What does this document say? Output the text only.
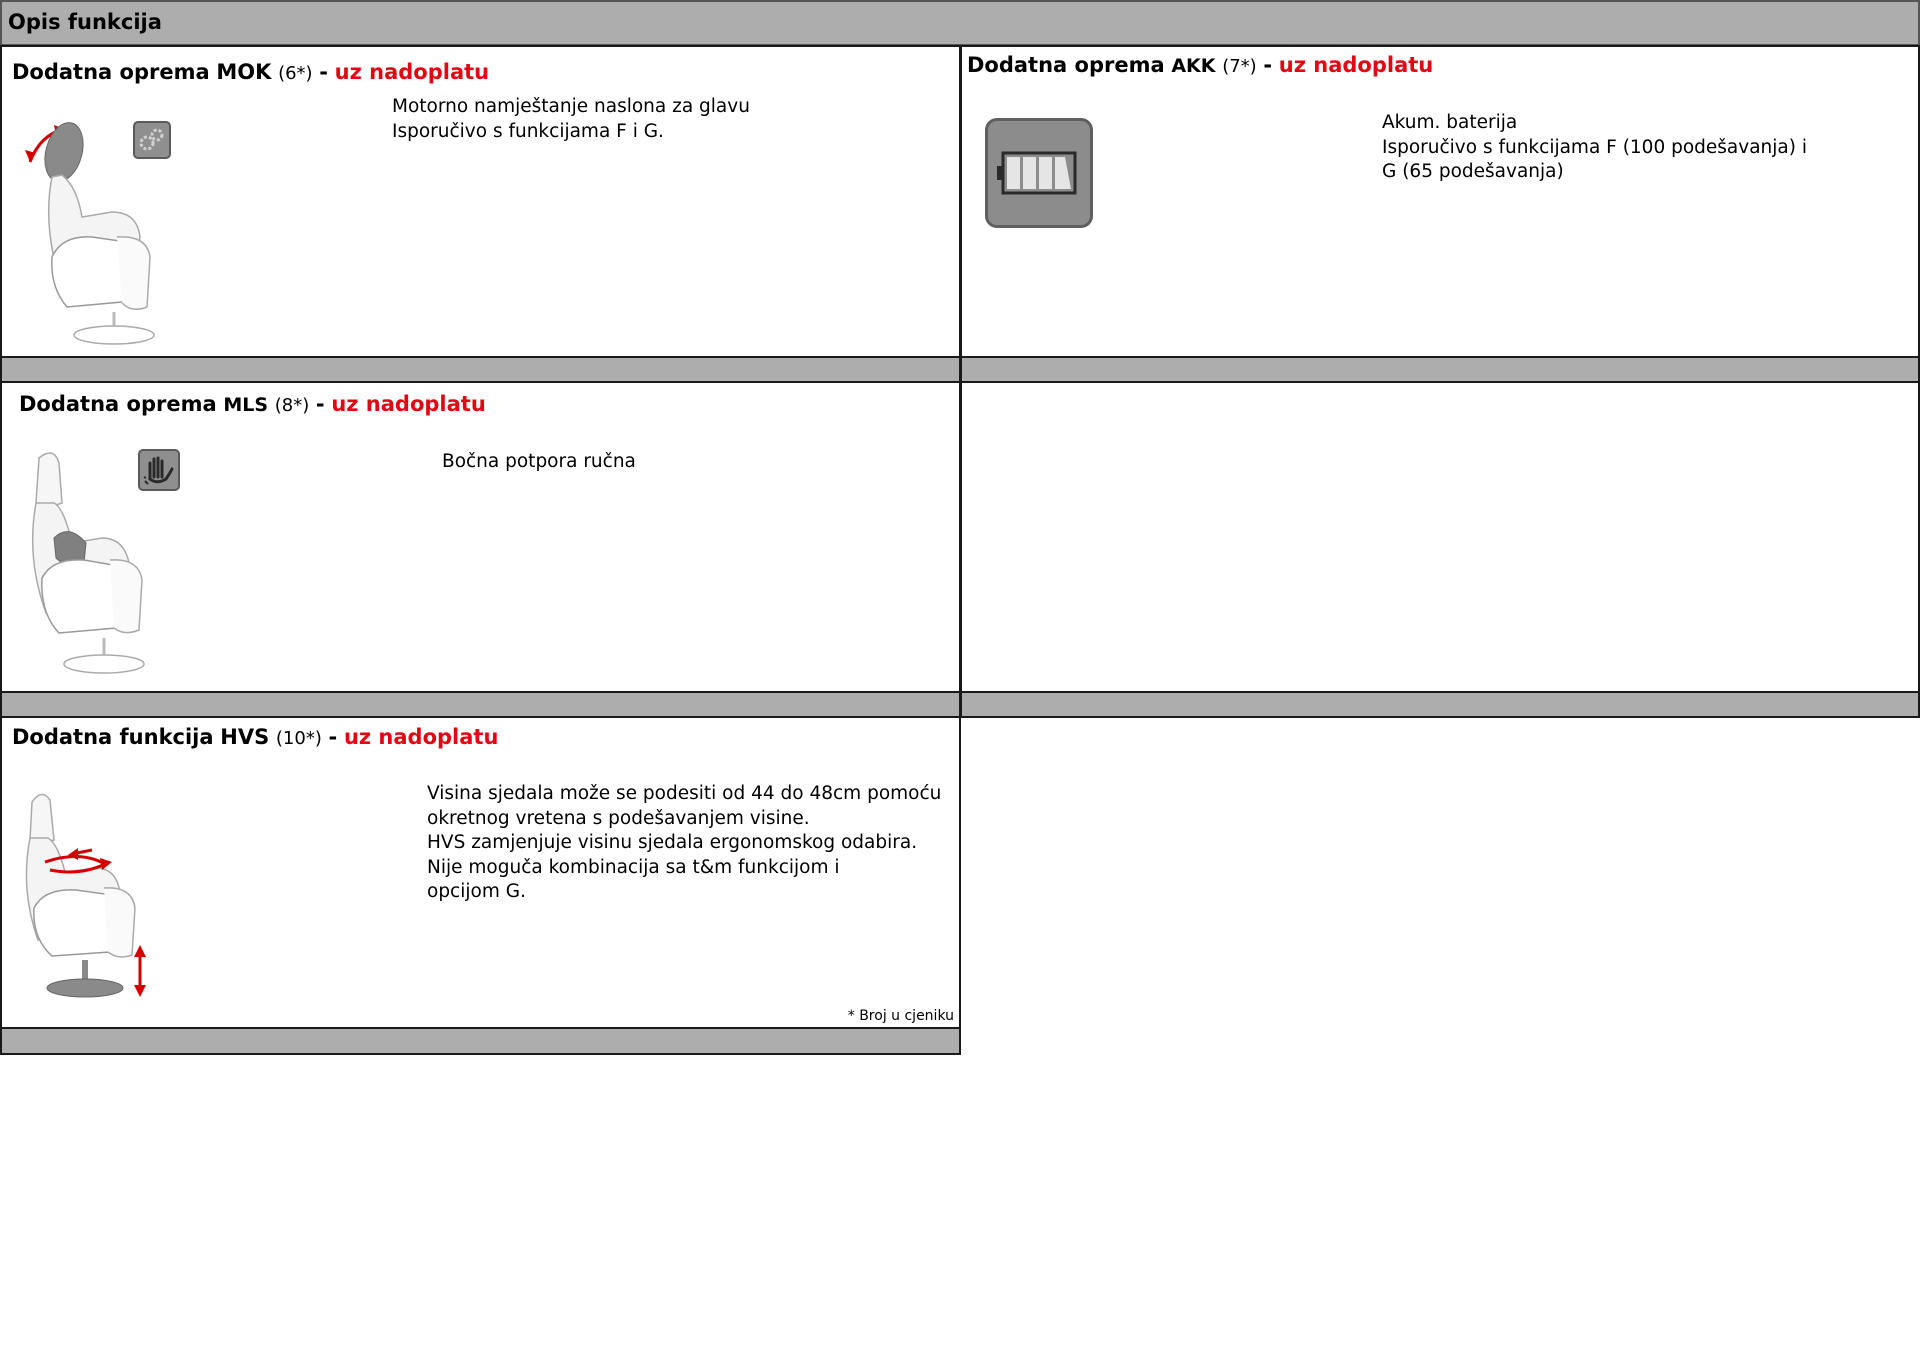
Opis funkcija
Dodatna oprema MOK (6*) - uz nadoplatu
Motorno namještanje naslona za glavu
Isporučivo s funkcijama F i G.
Dodatna oprema AKK (7*) - uz nadoplatu
Akum. baterija
Isporučivo s funkcijama F (100 podešavanja) i
G (65 podešavanja)
Dodatna oprema MLS (8*) - uz nadoplatu
Bočna potpora ručna
Dodatna funkcija HVS (10*) - uz nadoplatu
Visina sjedala može se podesiti od 44 do 48cm pomoću
okretnog vretena s podešavanjem visine.
HVS zamjenjuje visinu sjedala ergonomskog odabira.
Nije moguča kombinacija sa t&m funkcijom i
opcijom G.
* Broj u cjeniku
